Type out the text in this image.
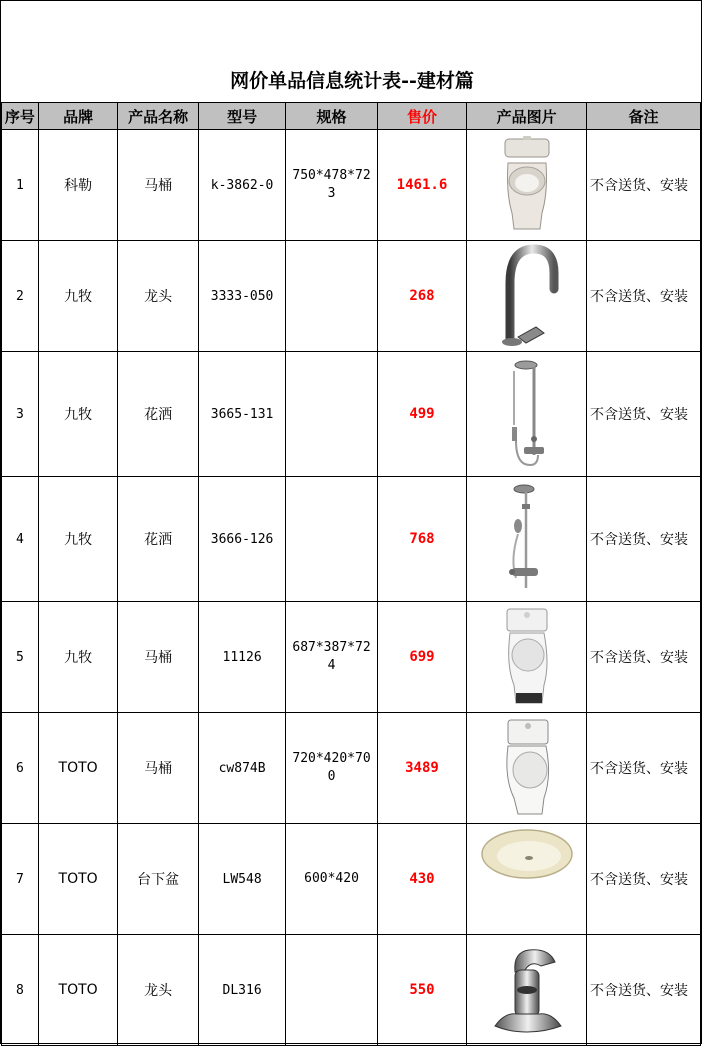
网价单品信息统计表--建材篇
序号	品牌	产品名称	型号	规格	售价	产品图片	备注
1	科勒	马桶	k-3862-0	750*478*723	1461.6		不含送货、安装
2	九牧	龙头	3333-050		268		不含送货、安装
3	九牧	花洒	3665-131		499		不含送货、安装
4	九牧	花洒	3666-126		768		不含送货、安装
5	九牧	马桶	11126	687*387*724	699		不含送货、安装
6	TOTO	马桶	cw874B	720*420*700	3489		不含送货、安装
7	TOTO	台下盆	LW548	600*420	430		不含送货、安装
8	TOTO	龙头	DL316		550		不含送货、安装
